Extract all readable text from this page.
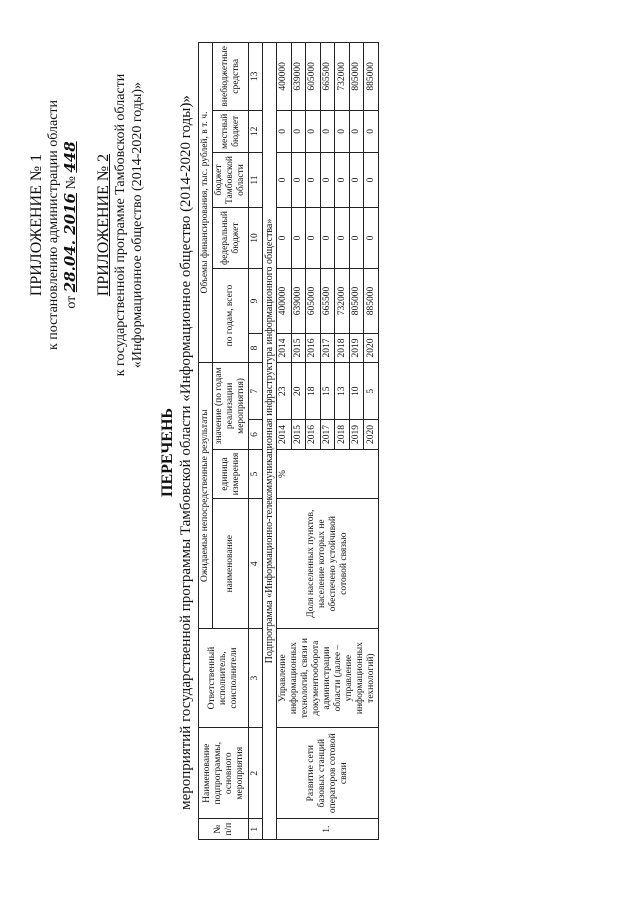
ПРИЛОЖЕНИЕ № 1 к постановлению администрации области от 28.04. 2016 № 448 ПРИЛОЖЕНИЕ № 2 к государственной программе Тамбовской области «Информационное общество (2014-2020 годы)»
ПЕРЕЧЕНЬ мероприятий государственной программы Тамбовской области «Информационное общество (2014-2020 годы)»
№ п/п	Наименование подпрограммы, основного мероприятия	Ответственный исполнитель, соисполнители	Ожидаемые непосредственные результаты				Объемы финансирования, тыс. рублей, в т. ч.					
			наименование	единица измерения	значение (по годам реализации мероприятия)		по годам, всего		федеральный бюджет	бюджет Тамбовской области	местный бюджет	внебюджетные средства
1	2	3	4	5	6	7	8	9	10	11	12	13
Подпрограмма «Информационно-телекоммуникационная инфраструктура информационного общества»												
1.	Развитие сети базовых станций операторов сотовой связи	Управление информационных технологий, связи и документооборота администрации области (далее – управление информационных технологий)	Доля населенных пунктов, население которых не обеспечено устойчивой сотовой связью	%	2014	23	2014	400000	0	0	0	400000
					2015	20	2015	639000	0	0	0	639000
					2016	18	2016	605000	0	0	0	605000
					2017	15	2017	665500	0	0	0	665500
					2018	13	2018	732000	0	0	0	732000
					2019	10	2019	805000	0	0	0	805000
					2020	5	2020	885000	0	0	0	885000
